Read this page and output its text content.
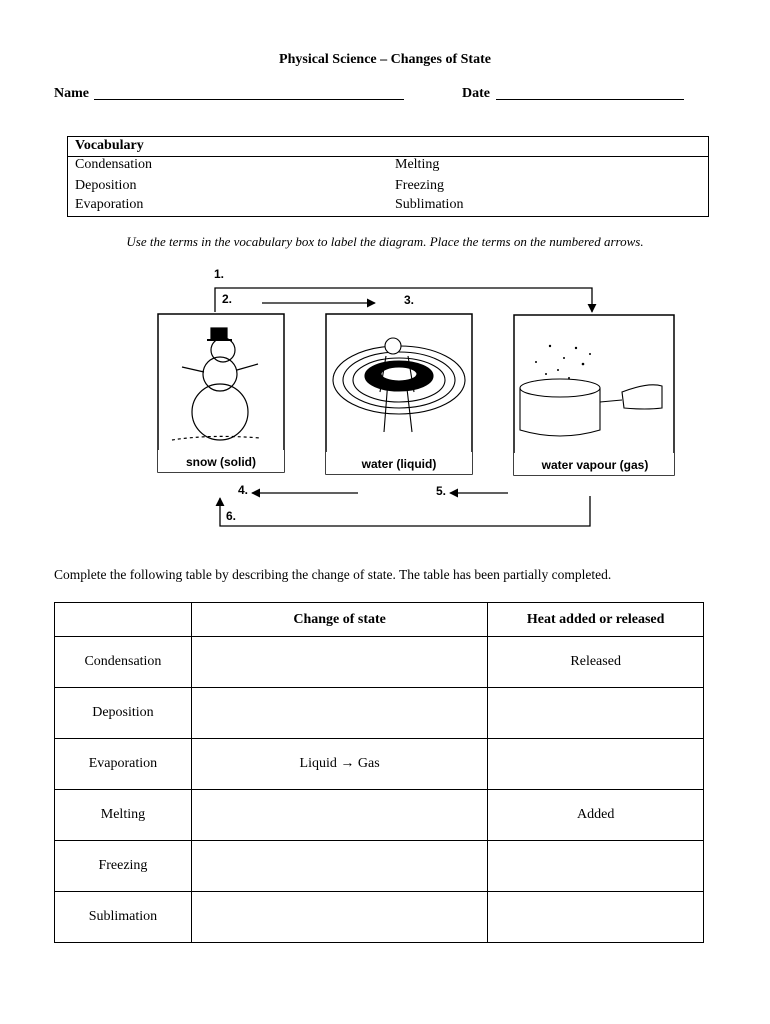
Physical Science – Changes of State
Name	Date
Vocabulary
Condensation	Melting
Deposition	Freezing
Evaporation	Sublimation
Use the terms in the vocabulary box to label the diagram. Place the terms on the numbered arrows.
1.
2.	3.
4.	5.
6.
snow (solid)	water (liquid)	water vapour (gas)
Complete the following table by describing the change of state. The table has been partially completed.
	Change of state	Heat added or released
Condensation		Released
Deposition		
Evaporation	Liquid → Gas	
Melting		Added
Freezing		
Sublimation		
